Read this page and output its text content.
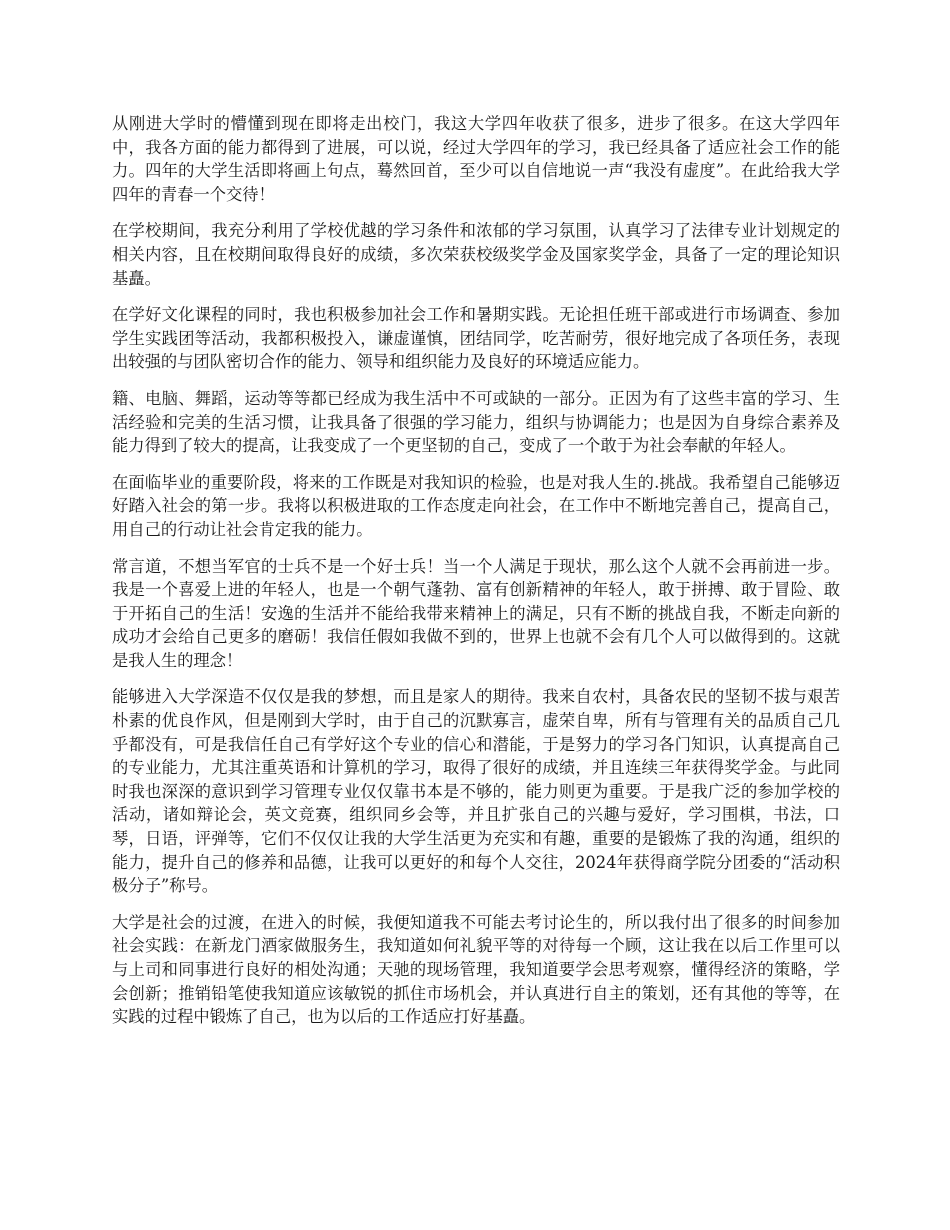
从刚进大学时的懵懂到现在即将走出校门，我这大学四年收获了很多，进步了很多。在这大学四年中，我各方面的能力都得到了进展，可以说，经过大学四年的学习，我已经具备了适应社会工作的能力。四年的大学生活即将画上句点，蓦然回首，至少可以自信地说一声“我没有虚度”。在此给我大学四年的青春一个交待！

在学校期间，我充分利用了学校优越的学习条件和浓郁的学习氛围，认真学习了法律专业计划规定的相关内容，且在校期间取得良好的成绩，多次荣获校级奖学金及国家奖学金，具备了一定的理论知识基矗。

在学好文化课程的同时，我也积极参加社会工作和暑期实践。无论担任班干部或进行市场调查、参加学生实践团等活动，我都积极投入，谦虚谨慎，团结同学，吃苦耐劳，很好地完成了各项任务，表现出较强的与团队密切合作的能力、领导和组织能力及良好的环境适应能力。

籍、电脑、舞蹈，运动等等都已经成为我生活中不可或缺的一部分。正因为有了这些丰富的学习、生活经验和完美的生活习惯，让我具备了很强的学习能力，组织与协调能力；也是因为自身综合素养及能力得到了较大的提高，让我变成了一个更坚韧的自己，变成了一个敢于为社会奉献的年轻人。

在面临毕业的重要阶段，将来的工作既是对我知识的检验，也是对我人生的.挑战。我希望自己能够迈好踏入社会的第一步。我将以积极进取的工作态度走向社会，在工作中不断地完善自己，提高自己，用自己的行动让社会肯定我的能力。

常言道，不想当军官的士兵不是一个好士兵！当一个人满足于现状，那么这个人就不会再前进一步。我是一个喜爱上进的年轻人，也是一个朝气蓬勃、富有创新精神的年轻人，敢于拼搏、敢于冒险、敢于开拓自己的生活！安逸的生活并不能给我带来精神上的满足，只有不断的挑战自我，不断走向新的成功才会给自己更多的磨砺！我信任假如我做不到的，世界上也就不会有几个人可以做得到的。这就是我人生的理念！

能够进入大学深造不仅仅是我的梦想，而且是家人的期待。我来自农村，具备农民的坚韧不拔与艰苦朴素的优良作风，但是刚到大学时，由于自己的沉默寡言，虚荣自卑，所有与管理有关的品质自己几乎都没有，可是我信任自己有学好这个专业的信心和潜能，于是努力的学习各门知识，认真提高自己的专业能力，尤其注重英语和计算机的学习，取得了很好的成绩，并且连续三年获得奖学金。与此同时我也深深的意识到学习管理专业仅仅靠书本是不够的，能力则更为重要。于是我广泛的参加学校的活动，诸如辩论会，英文竞赛，组织同乡会等，并且扩张自己的兴趣与爱好，学习围棋，书法，口琴，日语，评弹等，它们不仅仅让我的大学生活更为充实和有趣，重要的是锻炼了我的沟通，组织的能力，提升自己的修养和品德，让我可以更好的和每个人交往，2024年获得商学院分团委的“活动积极分子”称号。

大学是社会的过渡，在进入的时候，我便知道我不可能去考讨论生的，所以我付出了很多的时间参加社会实践：在新龙门酒家做服务生，我知道如何礼貌平等的对待每一个顾，这让我在以后工作里可以与上司和同事进行良好的相处沟通；天驰的现场管理，我知道要学会思考观察，懂得经济的策略，学会创新；推销铅笔使我知道应该敏锐的抓住市场机会，并认真进行自主的策划，还有其他的等等，在实践的过程中锻炼了自己，也为以后的工作适应打好基矗。
